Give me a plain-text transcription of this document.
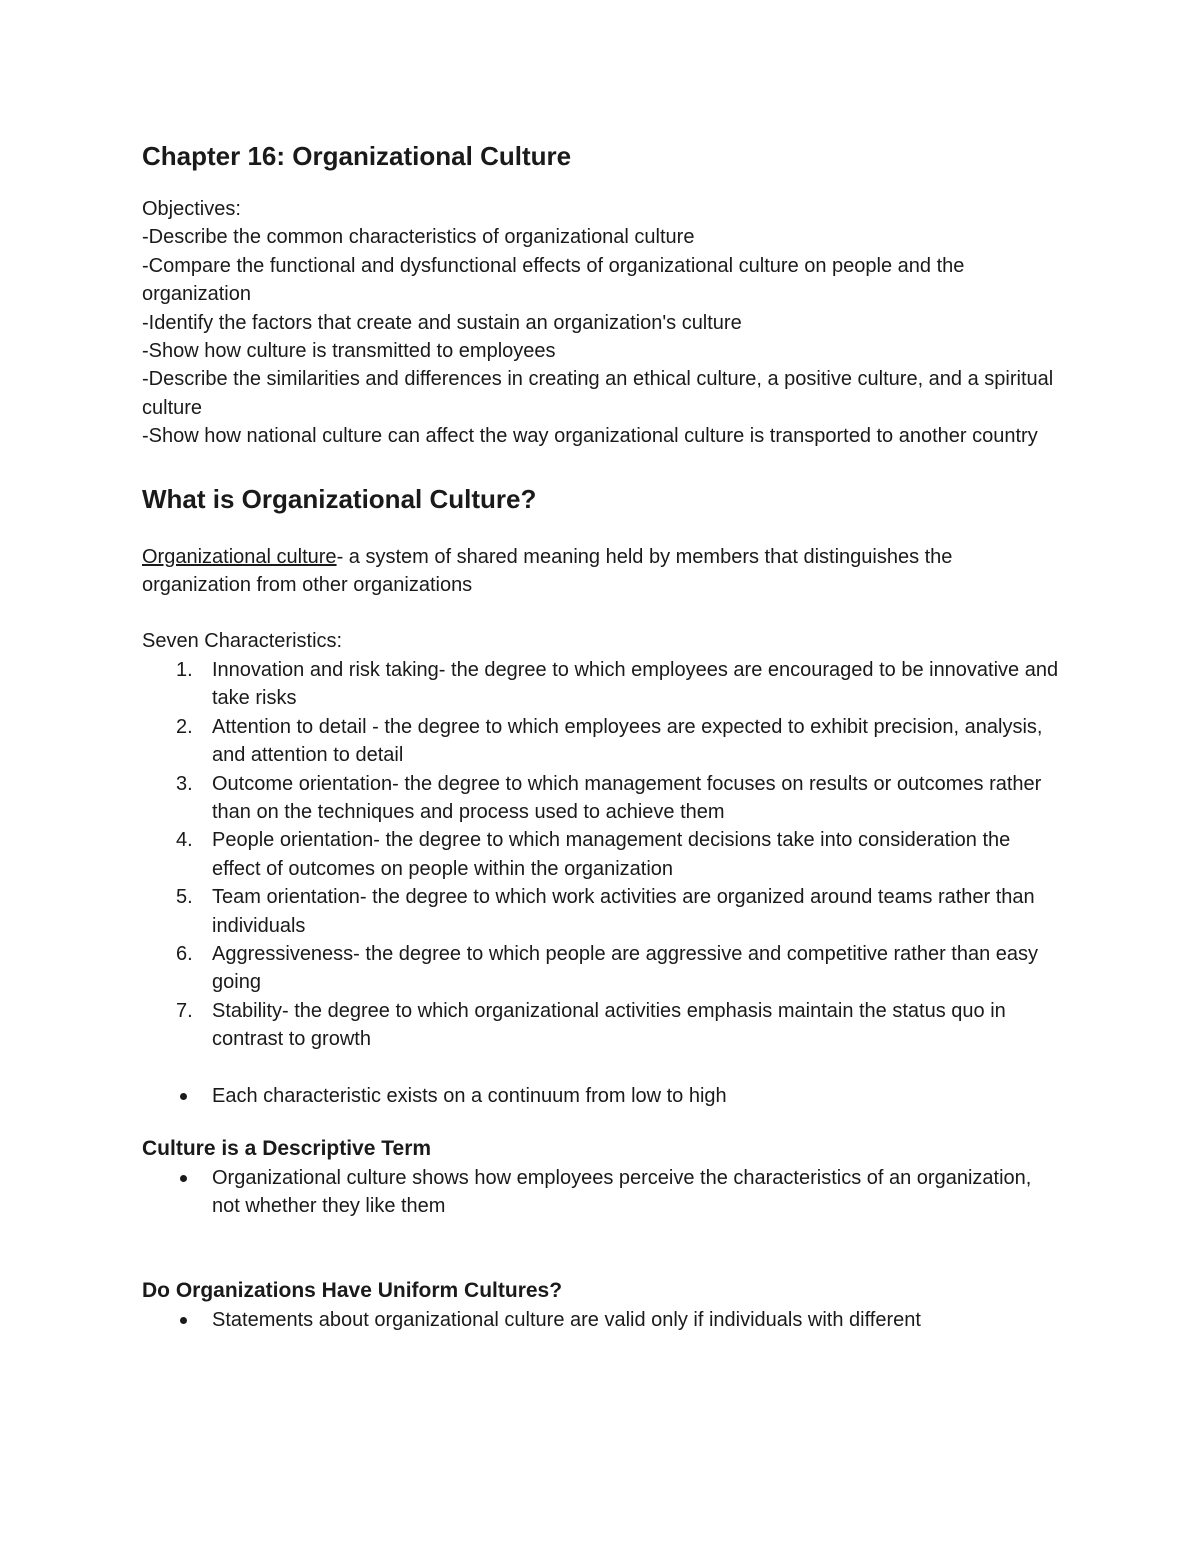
Chapter 16: Organizational Culture

Objectives:

-Describe the common characteristics of organizational culture

-Compare the functional and dysfunctional effects of organizational culture on people and the organization

-Identify the factors that create and sustain an organization's culture

-Show how culture is transmitted to employees

-Describe the similarities and differences in creating an ethical culture, a positive culture, and a spiritual culture

-Show how national culture can affect the way organizational culture is transported to another country

What is Organizational Culture?

Organizational culture- a system of shared meaning held by members that distinguishes the organization from other organizations

Seven Characteristics:

1. Innovation and risk taking- the degree to which employees are encouraged to be innovative and take risks
2. Attention to detail - the degree to which employees are expected to exhibit precision, analysis, and attention to detail
3. Outcome orientation- the degree to which management focuses on results or outcomes rather than on the techniques and process used to achieve them
4. People orientation- the degree to which management decisions take into consideration the effect of outcomes on people within the organization
5. Team orientation- the degree to which work activities are organized around teams rather than individuals
6. Aggressiveness- the degree to which people are aggressive and competitive rather than easy going
7. Stability- the degree to which organizational activities emphasis maintain the status quo in contrast to growth
Each characteristic exists on a continuum from low to high
Culture is a Descriptive Term
Organizational culture shows how employees perceive the characteristics of an organization, not whether they like them
Do Organizations Have Uniform Cultures?
Statements about organizational culture are valid only if individuals with different
